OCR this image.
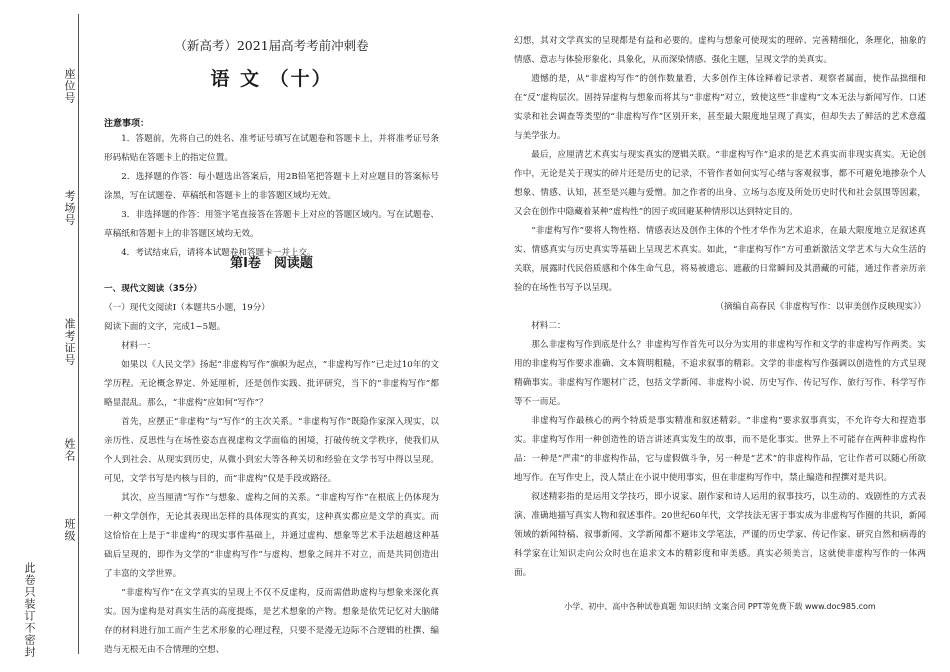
座位号
考场号
准考证号
姓名
班级
此卷只装订不密封
（新高考）2021届高考考前冲刺卷
语 文 （十）
注意事项：

1．答题前，先将自己的姓名、准考证号填写在试题卷和答题卡上，并将准考证号条形码粘贴在答题卡上的指定位置。

2．选择题的作答：每小题选出答案后，用2B铅笔把答题卡上对应题目的答案标号涂黑，写在试题卷、草稿纸和答题卡上的非答题区域均无效。

3．非选择题的作答：用签字笔直接答在答题卡上对应的答题区域内。写在试题卷、草稿纸和答题卡上的非答题区域均无效。

4．考试结束后，请将本试题卷和答题卡一并上交。

第Ⅰ卷　阅读题

一、现代文阅读（35分）

（一）现代文阅读Ⅰ（本题共5小题，19分）

阅读下面的文字，完成1~5题。

材料一：

如果以《人民文学》扬起“非虚构写作”旗帜为起点，“非虚构写作”已走过10年的文学历程。无论概念界定、外延厘析，还是创作实践、批评研究，当下的“非虚构写作”都略显混乱。那么，“非虚构”应如何“写作”？

首先，应摆正“非虚构”与“写作”的主次关系。“非虚构写作”既隐作家深入现实，以亲历性、反思性与在场性姿态直视虚构文学面临的困境，打破传统文学秩序，使我们从个人到社会、从现实到历史，从微小到宏大等各种关切和经验在文学书写中得以呈现。可见，文学书写是内核与目的，而“非虚构”仅是手段或路径。

其次，应当厘清“写作”与想象、虚构之间的关系。“非虚构写作”在根底上仍体现为一种文学创作，无论其表现出怎样的具体现实的真实，这种真实都应是文学的真实。而这恰恰在上是于“非虚构”的现实事件基础上，并通过虚构、想象等艺术手法超越这种基础后呈现的，即作为文学的“非虚构写作”与虚构、想象之间并不对立，而是共同创造出了丰富的文学世界。

“非虚构写作”在文学真实的呈现上不仅不反虚构，反而需借助虚构与想象来深化真实。因为虚构是对真实生活的高度提炼，是艺术想象的产物。想象是依凭记忆对大脑储存的材料进行加工而产生艺术形象的心理过程，只要不是漫无边际不合逻辑的杜撰、编造与无根无由不合情理的空想、

幻想，其对文学真实的呈现都是有益和必要的。虚构与想象可使现实的理碎、完善精细化，条理化，抽象的情感、意志与体验形象化、具象化，从而深染情感、强化主题，呈现文学的美真实。

遗憾的是，从“非虚构写作”的创作数量看，大多创作主体诠释着记录者、观察者属面，使作品拙细和在“反”虚构层次。固持异虚构与想象而将其与“非虚构”对立，致使这些“非虚构”文本无法与新闻写作、口述实录和社会调查等类型的“非虚构写作”区别开来，甚至最大限度地呈现了真实，但却失去了鲜活的艺术意蕴与美学张力。

最后，应厘清艺术真实与现实真实的逻辑关联。“非虚构写作”追求的是艺术真实而非现实真实。无论创作中，无论是关于现实的碎片还是历史的记录，不管作者如何实写心绪与客观叙事，都不可避免地掺杂个人想象、情感、认知，甚至是兴趣与爱憎。加之作者的出身、立场与态度及所处历史时代和社会氛围等因素，又会在创作中隐藏着某种“虚构性”的因子或回避某种情形以达到特定目的。

“非虚构写作”要将人物性格、情感表达及创作主体的个性才华作为艺术追求，在最大限度地立足叙述真实、情感真实与历史真实等基础上呈现艺术真实。如此，“非虚构写作”方可重新激活文学艺术与大众生活的关联，展露时代民俗质感和个体生命气息，将易被遗忘、遮蔽的日常瞬间及其潜藏的可能，通过作者亲历亲验的在场性书写予以呈现。

（摘编自高春民《非虚构写作：以审美创作反映现实》）

材料二：

那么非虚构写作到底是什么？非虚构写作首先可以分为实用的非虚构写作和文学的非虚构写作两类。实用的非虚构写作要求准确、文本简明粗糙，不追求叙事的精彩。文学的非虚构写作强调以创造性的方式呈现精确事实。非虚构写作题材广泛，包括文学新闻、非虚构小说、历史写作、传记写作、旅行写作、科学写作等不一而足。

非虚构写作最核心的两个特质是事实精准和叙述精彩。“非虚构”要求叙事真实，不允许夸大和捏造事实。非虚构写作用一种创造性的语言讲述真实发生的故事，而不是化事实。世界上不可能存在两种非虚构作品：一种是“严肃”的非虚构作品，它与虚假做斗争，另一种是“艺术”的非虚构作品，它让作者可以随心所欲地写作。在写作史上，没人禁止在小说中使用事实，但在非虚构写作中，禁止编造和捏撰对是共识。

叙述精彩指的是运用文学技巧，即小说家、剧作家和诗人运用的叙事技巧，以生动的、戏剧性的方式表演、准确地描写真实人物和叙述事件。20世纪60年代，文学技法无害于事实成为非虚构写作圈的共识，新闻领域的新闻特稿、叙事新闻、文学新闻都不避讳文学笔法，严谨的历史学家、传记作家、研究自然和病毒的科学家在让知识走向公众时也在追求文本的精彩度和审美感。真实必须美言，这就使非虚构写作的一体两面。

小学、初中、高中各种试卷真题 知识归纳 文案合同 PPT等免费下载 www.doc985.com
